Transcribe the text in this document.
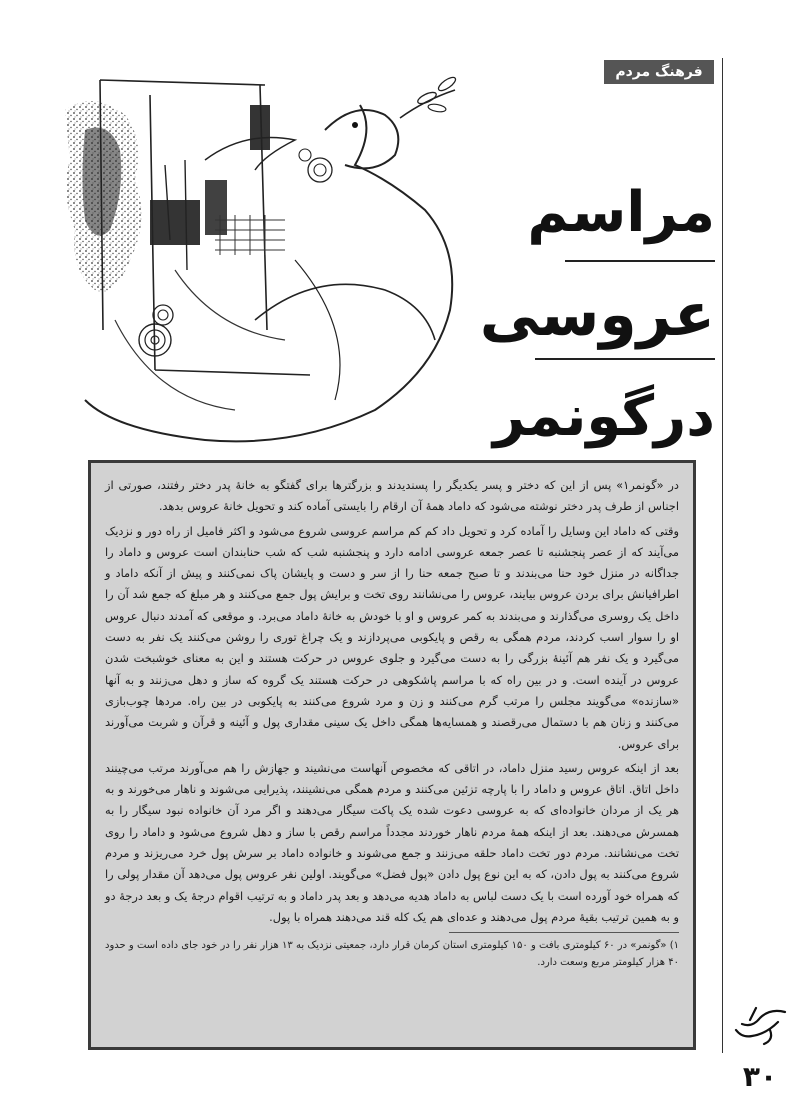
فرهنگ مردم
مراسم
عروسی
درگونمر

در «گونمر١» پس از این که دختر و پسر یکدیگر را پسندیدند و بزرگترها برای گفتگو به خانهٔ پدر دختر رفتند، صورتی از اجناس از طرف پدر دختر نوشته می‌شود که داماد همهٔ آن ارقام را بایستی آماده کند و تحویل خانهٔ عروس بدهد.

وقتی که داماد این وسایل را آماده کرد و تحویل داد کم کم مراسم عروسی شروع می‌شود و اکثر فامیل از راه دور و نزدیک می‌آیند که از عصر پنجشنبه تا عصر جمعه عروسی ادامه دارد و پنجشنبه شب که شب حنابندان است عروس و داماد را جداگانه در منزل خود حنا می‌بندند و تا صبح جمعه حنا را از سر و دست و پایشان پاک نمی‌کنند و پیش از آنکه داماد و اطرافیانش برای بردن عروس بیایند، عروس را می‌نشانند روی تخت و برایش پول جمع می‌کنند و هر مبلغ که جمع شد آن را داخل یک روسری می‌گذارند و می‌بندند به کمر عروس و او با خودش به خانهٔ داماد می‌برد. و موقعی که آمدند دنبال عروس او را سوار اسب کردند، مردم همگی به رقص و پایکوبی می‌پردازند و یک چراغ توری را روشن می‌کنند یک نفر به دست می‌گیرد و یک نفر هم آئینهٔ بزرگی را به دست می‌گیرد و جلوی عروس در حرکت هستند و این به معنای خوشبخت شدن عروس در آینده است. و در بین راه که با مراسم پاشکوهی در حرکت هستند یک گروه که ساز و دهل می‌زنند و به آنها «سازنده» می‌گویند مجلس را مرتب گرم می‌کنند و زن و مرد شروع می‌کنند به پایکوبی در بین راه. مردها چوب‌بازی می‌کنند و زنان هم با دستمال می‌رقصند و همسایه‌ها همگی داخل یک سینی مقداری پول و آئینه و قرآن و شربت می‌آورند برای عروس.

بعد از اینکه عروس رسید منزل داماد، در اتاقی که مخصوص آنهاست می‌نشیند و جهازش را هم می‌آورند مرتب می‌چینند داخل اتاق. اتاق عروس و داماد را با پارچه تزئین می‌کنند و مردم همگی می‌نشینند، پذیرایی می‌شوند و ناهار می‌خورند و به هر یک از مردان خانواده‌ای که به عروسی دعوت شده یک پاکت سیگار می‌دهند و اگر مرد آن خانواده نبود سیگار را به همسرش می‌دهند. بعد از اینکه همهٔ مردم ناهار خوردند مجدداً مراسم رقص با ساز و دهل شروع می‌شود و داماد را روی تخت می‌نشانند. مردم دور تخت داماد حلقه می‌زنند و جمع می‌شوند و خانواده داماد بر سرش پول خرد می‌ریزند و مردم شروع می‌کنند به پول دادن، که به این نوع پول دادن «پول فضل» می‌گویند. اولین نفر عروس پول می‌دهد آن مقدار پولی را که همراه خود آورده است با یک دست لباس به داماد هدیه می‌دهد و بعد پدر داماد و به ترتیب اقوام درجهٔ یک و بعد درجهٔ دو و به همین ترتیب بقیهٔ مردم پول می‌دهند و عده‌ای هم یک کله قند می‌دهند همراه با پول.

١) «گونمر» در ۶۰ کیلومتری بافت و ۱۵۰ کیلومتری استان کرمان قرار دارد، جمعیتی نزدیک به ۱۳ هزار نفر را در خود جای داده است و حدود ۴۰ هزار کیلومتر مربع وسعت دارد.

۳۰
